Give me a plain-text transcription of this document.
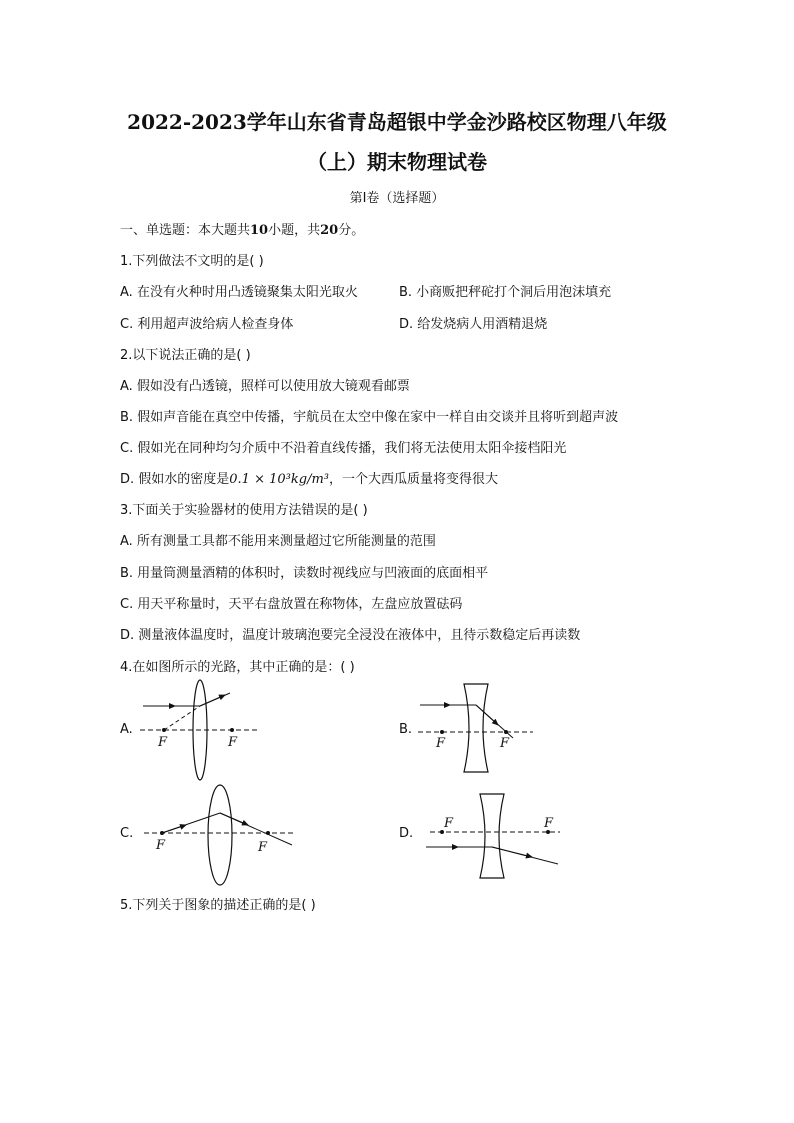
2022-2023学年山东省青岛超银中学金沙路校区物理八年级
（上）期末物理试卷
第I卷（选择题）
一、单选题：本大题共10小题，共20分。
1.下列做法不文明的是( )
A. 在没有火种时用凸透镜聚集太阳光取火	B. 小商贩把秤砣打个洞后用泡沫填充
C. 利用超声波给病人检查身体	D. 给发烧病人用酒精退烧
2.以下说法正确的是( )
A. 假如没有凸透镜，照样可以使用放大镜观看邮票
B. 假如声音能在真空中传播，宇航员在太空中像在家中一样自由交谈并且将听到超声波
C. 假如光在同种均匀介质中不沿着直线传播，我们将无法使用太阳伞接档阳光
D. 假如水的密度是0.1 × 10³kg/m³，一个大西瓜质量将变得很大
3.下面关于实验器材的使用方法错误的是( )
A. 所有测量工具都不能用来测量超过它所能测量的范围
B. 用量筒测量酒精的体积时，读数时视线应与凹液面的底面相平
C. 用天平称量时，天平右盘放置在称物体，左盘应放置砝码
D. 测量液体温度时，温度计玻璃泡要完全浸没在液体中，且待示数稳定后再读数
4.在如图所示的光路，其中正确的是：( )
A.
F	F
B.
F	F
C.
F	F
D.
F	F
5.下列关于图象的描述正确的是( )
